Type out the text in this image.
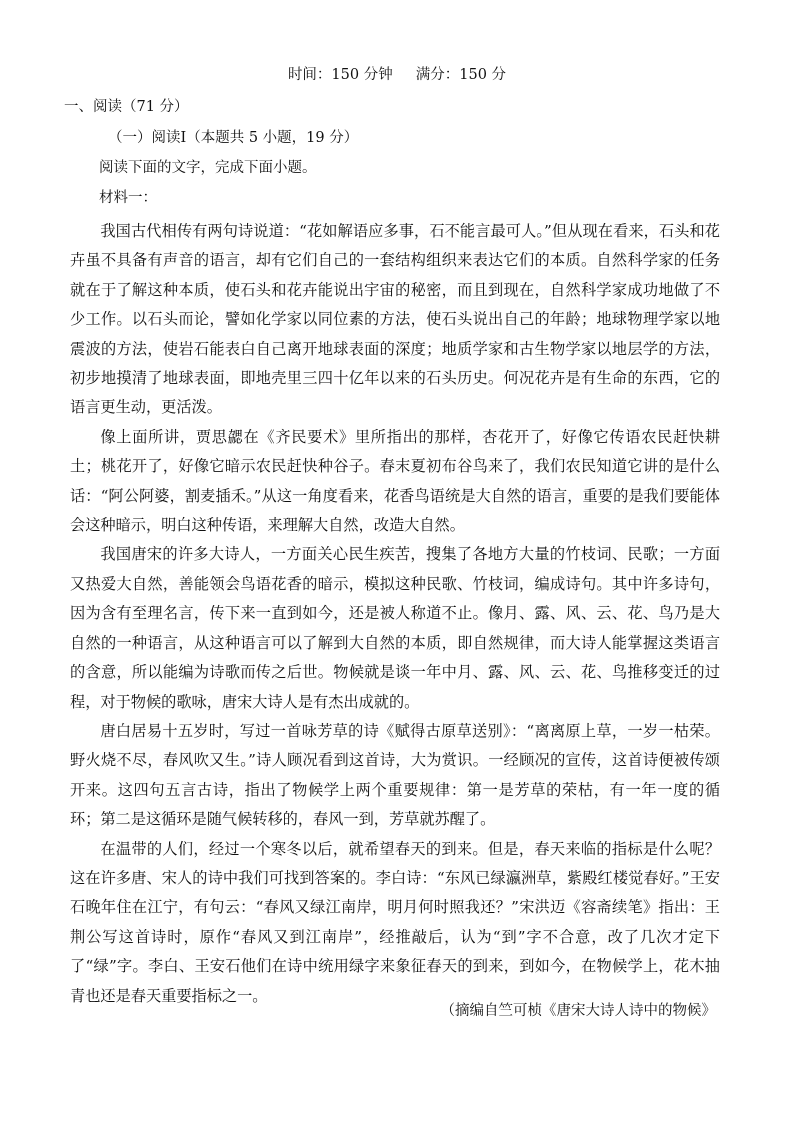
时间：150 分钟     满分：150 分
一、阅读（71 分）
（一）阅读Ⅰ（本题共 5 小题，19 分）
阅读下面的文字，完成下面小题。
材料一：

我国古代相传有两句诗说道：“花如解语应多事，石不能言最可人。”但从现在看来，石头和花卉虽不具备有声音的语言，却有它们自己的一套结构组织来表达它们的本质。自然科学家的任务就在于了解这种本质，使石头和花卉能说出宇宙的秘密，而且到现在，自然科学家成功地做了不少工作。以石头而论，譬如化学家以同位素的方法，使石头说出自己的年龄；地球物理学家以地震波的方法，使岩石能表白自己离开地球表面的深度；地质学家和古生物学家以地层学的方法，初步地摸清了地球表面，即地壳里三四十亿年以来的石头历史。何况花卉是有生命的东西，它的语言更生动，更活泼。

像上面所讲，贾思勰在《齐民要术》里所指出的那样，杏花开了，好像它传语农民赶快耕土；桃花开了，好像它暗示农民赶快种谷子。春末夏初布谷鸟来了，我们农民知道它讲的是什么话：“阿公阿婆，割麦插禾。”从这一角度看来，花香鸟语统是大自然的语言，重要的是我们要能体会这种暗示，明白这种传语，来理解大自然，改造大自然。

我国唐宋的许多大诗人，一方面关心民生疾苦，搜集了各地方大量的竹枝词、民歌；一方面又热爱大自然，善能领会鸟语花香的暗示，模拟这种民歌、竹枝词，编成诗句。其中许多诗句，因为含有至理名言，传下来一直到如今，还是被人称道不止。像月、露、风、云、花、鸟乃是大自然的一种语言，从这种语言可以了解到大自然的本质，即自然规律，而大诗人能掌握这类语言的含意，所以能编为诗歌而传之后世。物候就是谈一年中月、露、风、云、花、鸟推移变迁的过程，对于物候的歌咏，唐宋大诗人是有杰出成就的。

唐白居易十五岁时，写过一首咏芳草的诗《赋得古原草送别》：“离离原上草，一岁一枯荣。野火烧不尽，春风吹又生。”诗人顾况看到这首诗，大为赏识。一经顾况的宣传，这首诗便被传颂开来。这四句五言古诗，指出了物候学上两个重要规律：第一是芳草的荣枯，有一年一度的循环；第二是这循环是随气候转移的，春风一到，芳草就苏醒了。

在温带的人们，经过一个寒冬以后，就希望春天的到来。但是，春天来临的指标是什么呢？这在许多唐、宋人的诗中我们可找到答案的。李白诗：“东风已绿瀛洲草，紫殿红楼觉春好。”王安石晚年住在江宁，有句云：“春风又绿江南岸，明月何时照我还？”宋洪迈《容斋续笔》指出：王荆公写这首诗时，原作“春风又到江南岸”，经推敲后，认为“到”字不合意，改了几次才定下了“绿”字。李白、王安石他们在诗中统用绿字来象征春天的到来，到如今，在物候学上，花木抽青也还是春天重要指标之一。

（摘编自竺可桢《唐宋大诗人诗中的物候》
